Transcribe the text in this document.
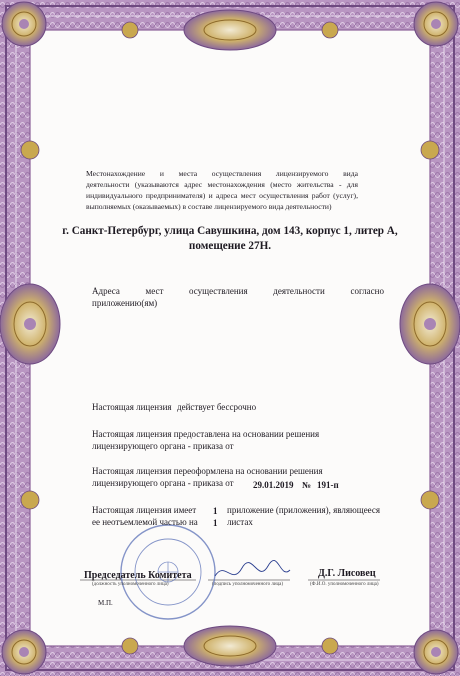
Местонахождение и места осуществления лицензируемого вида
деятельности (указываются адрес местонахождения (место жительства - для
индивидуального предпринимателя) и адреса мест осуществления работ (услуг),
выполняемых (оказываемых) в составе лицензируемого вида деятельности)
г. Санкт-Петербург, улица Савушкина, дом 143, корпус 1, литер А,
помещение 27Н.
Адреса мест осуществления деятельности согласно
приложению(ям)
Настоящая лицензия действует бессрочно
Настоящая лицензия предоставлена на основании решения
лицензирующего органа - приказа от
Настоящая лицензия переоформлена на основании решения
лицензирующего органа - приказа от 29.01.2019 № 191-п
Настоящая лицензия имеет
ее неотъемлемой частью на
1
1
приложение (приложения), являющееся
листах
Председатель Комитета
(должность уполномоченного лица)	(подпись уполномоченного лица)
Д.Г. Лисовец
(Ф.И.О. уполномоченного лица)
М.П.
